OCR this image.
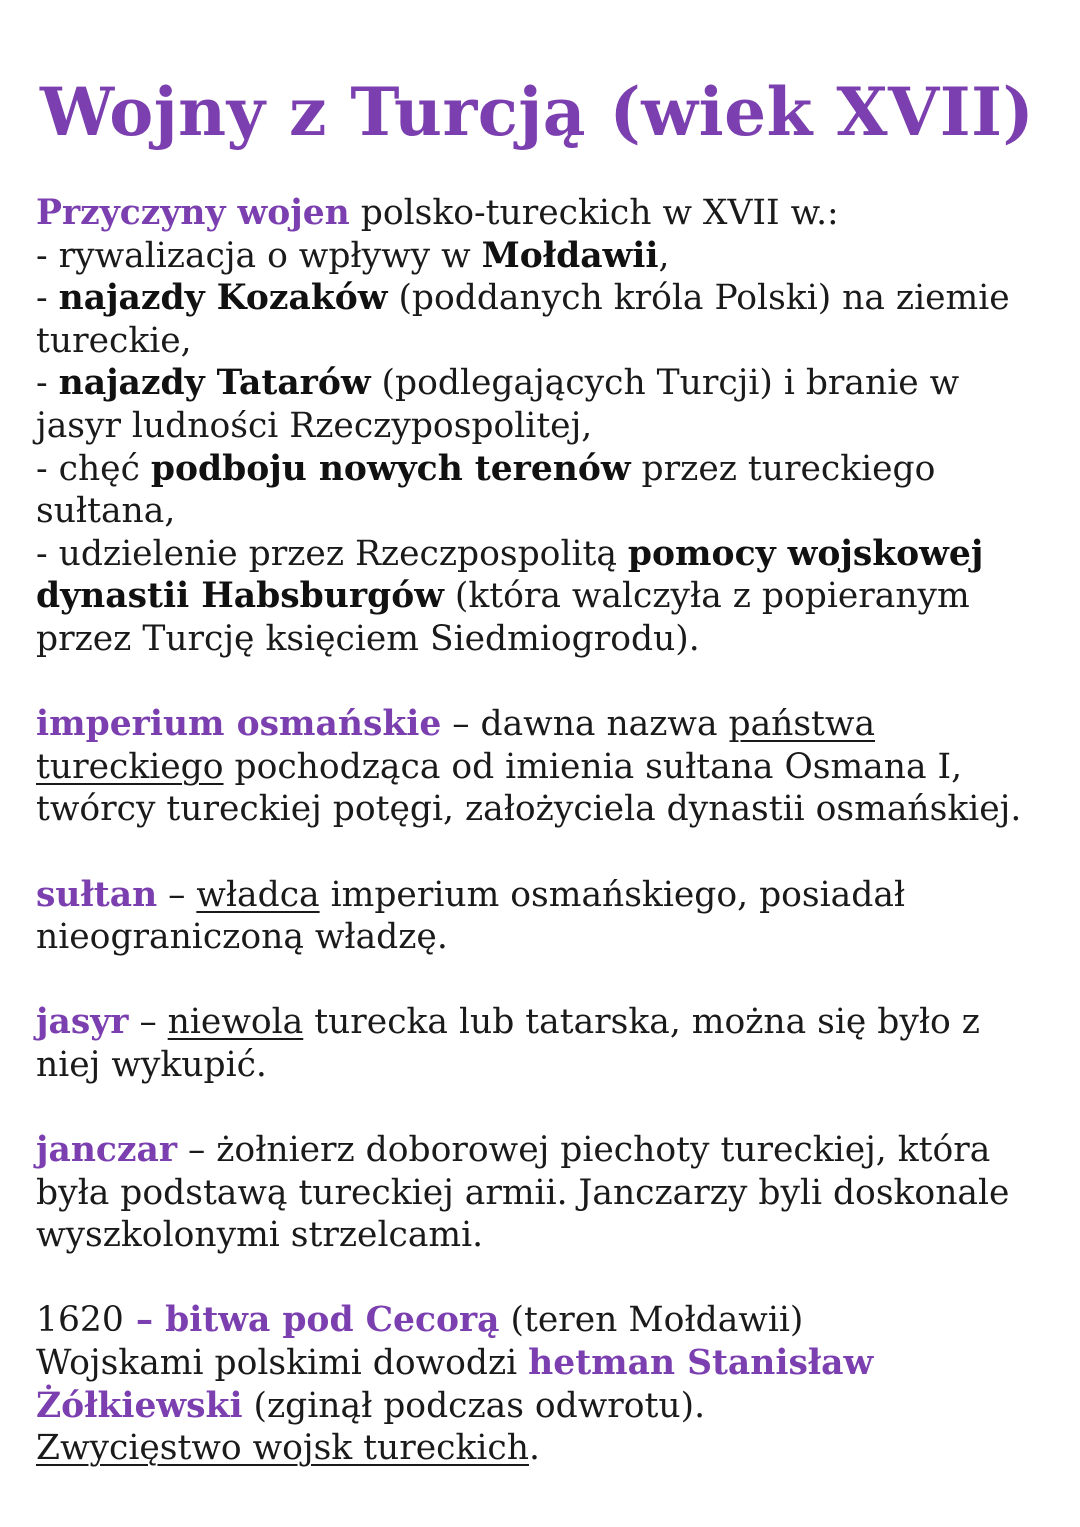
Wojny z Turcją (wiek XVII)
Przyczyny wojen polsko-tureckich w XVII w.:
- rywalizacja o wpływy w Mołdawii,
- najazdy Kozaków (poddanych króla Polski) na ziemie
tureckie,
- najazdy Tatarów (podlegających Turcji) i branie w
jasyr ludności Rzeczypospolitej,
- chęć podboju nowych terenów przez tureckiego
sułtana,
- udzielenie przez Rzeczpospolitą pomocy wojskowej
dynastii Habsburgów (która walczyła z popieranym
przez Turcję księciem Siedmiogrodu).
imperium osmańskie – dawna nazwa państwa
tureckiego pochodząca od imienia sułtana Osmana I,
twórcy tureckiej potęgi, założyciela dynastii osmańskiej.
sułtan – władca imperium osmańskiego, posiadał
nieograniczoną władzę.
jasyr – niewola turecka lub tatarska, można się było z
niej wykupić.
janczar – żołnierz doborowej piechoty tureckiej, która
była podstawą tureckiej armii. Janczarzy byli doskonale
wyszkolonymi strzelcami.
1620 – bitwa pod Cecorą (teren Mołdawii)
Wojskami polskimi dowodzi hetman Stanisław
Żółkiewski (zginął podczas odwrotu).
Zwycięstwo wojsk tureckich.
